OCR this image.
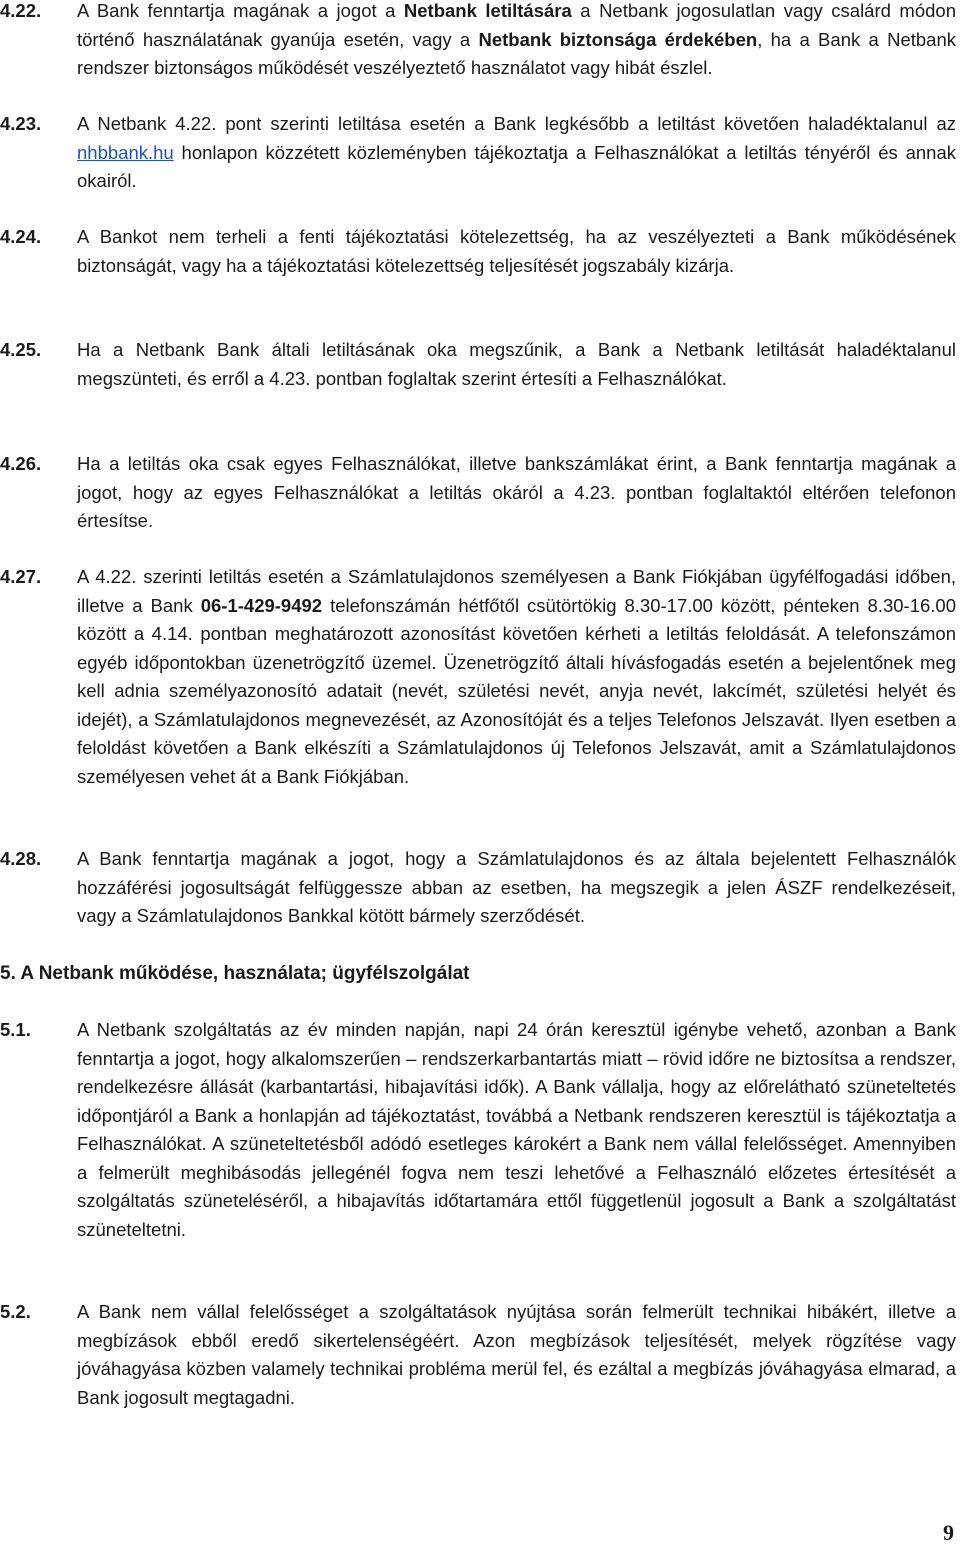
4.22. A Bank fenntartja magának a jogot a Netbank letiltására a Netbank jogosulatlan vagy csalárd módon történő használatának gyanúja esetén, vagy a Netbank biztonsága érdekében, ha a Bank a Netbank rendszer biztonságos működését veszélyeztető használatot vagy hibát észlel.
4.23. A Netbank 4.22. pont szerinti letiltása esetén a Bank legkésőbb a letiltást követően haladéktalanul az nhbbank.hu honlapon közzétett közleményben tájékoztatja a Felhasználókat a letiltás tényéről és annak okairól.
4.24. A Bankot nem terheli a fenti tájékoztatási kötelezettség, ha az veszélyezteti a Bank működésének biztonságát, vagy ha a tájékoztatási kötelezettség teljesítését jogszabály kizárja.
4.25. Ha a Netbank Bank általi letiltásának oka megszűnik, a Bank a Netbank letiltását haladéktalanul megszünteti, és erről a 4.23. pontban foglaltak szerint értesíti a Felhasználókat.
4.26. Ha a letiltás oka csak egyes Felhasználókat, illetve bankszámlákat érint, a Bank fenntartja magának a jogot, hogy az egyes Felhasználókat a letiltás okáról a 4.23. pontban foglaltaktól eltérően telefonon értesítse.
4.27. A 4.22. szerinti letiltás esetén a Számlatulajdonos személyesen a Bank Fiókjában ügyfélfogadási időben, illetve a Bank 06-1-429-9492 telefonszámán hétfőtől csütörtökig 8.30-17.00 között, pénteken 8.30-16.00 között a 4.14. pontban meghatározott azonosítást követően kérheti a letiltás feloldását. A telefonszámon egyéb időpontokban üzenetrögzítő üzemel. Üzenetrögzítő általi hívásfogadás esetén a bejelentőnek meg kell adnia személyazonosító adatait (nevét, születési nevét, anyja nevét, lakcímét, születési helyét és idejét), a Számlatulajdonos megnevezését, az Azonosítóját és a teljes Telefonos Jelszavát. Ilyen esetben a feloldást követően a Bank elkészíti a Számlatulajdonos új Telefonos Jelszavát, amit a Számlatulajdonos személyesen vehet át a Bank Fiókjában.
4.28. A Bank fenntartja magának a jogot, hogy a Számlatulajdonos és az általa bejelentett Felhasználók hozzáférési jogosultságát felfüggessze abban az esetben, ha megszegik a jelen ÁSZF rendelkezéseit, vagy a Számlatulajdonos Bankkal kötött bármely szerződését.
5. A Netbank működése, használata; ügyfélszolgálat
5.1. A Netbank szolgáltatás az év minden napján, napi 24 órán keresztül igénybe vehető, azonban a Bank fenntartja a jogot, hogy alkalomszerűen – rendszerkarbantartás miatt – rövid időre ne biztosítsa a rendszer, rendelkezésre állását (karbantartási, hibajavítási idők). A Bank vállalja, hogy az előrelátható szüneteltetés időpontjáról a Bank a honlapján ad tájékoztatást, továbbá a Netbank rendszeren keresztül is tájékoztatja a Felhasználókat. A szüneteltetésből adódó esetleges károkért a Bank nem vállal felelősséget. Amennyiben a felmerült meghibásodás jellegénél fogva nem teszi lehetővé a Felhasználó előzetes értesítését a szolgáltatás szüneteléséről, a hibajavítás időtartamára ettől függetlenül jogosult a Bank a szolgáltatást szüneteltetni.
5.2. A Bank nem vállal felelősséget a szolgáltatások nyújtása során felmerült technikai hibákért, illetve a megbízások ebből eredő sikertelenségéért. Azon megbízások teljesítését, melyek rögzítése vagy jóváhagyása közben valamely technikai probléma merül fel, és ezáltal a megbízás jóváhagyása elmarad, a Bank jogosult megtagadni.
9
